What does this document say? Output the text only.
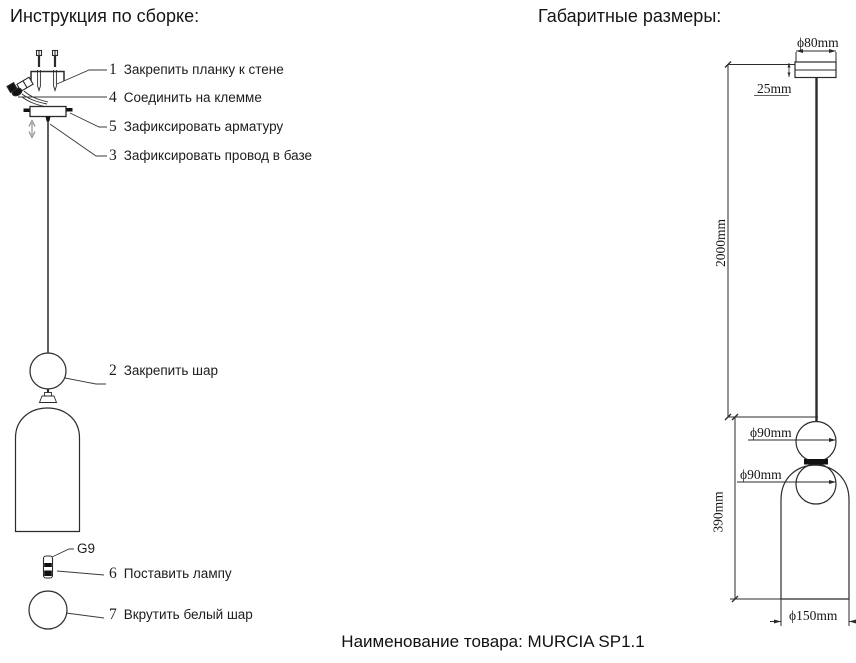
Инструкция по сборке:	Габаритные размеры:
1 Закрепить планку к стене
4 Соединить на клемме
5 Зафиксировать арматуру
3 Зафиксировать провод в базе
2 Закрепить шар
G9
6 Поставить лампу
7 Вкрутить белый шар
ϕ80mm
25mm
2000mm
ϕ90mm
ϕ90mm
390mm
ϕ150mm
Наименование товара: MURCIA SP1.1
